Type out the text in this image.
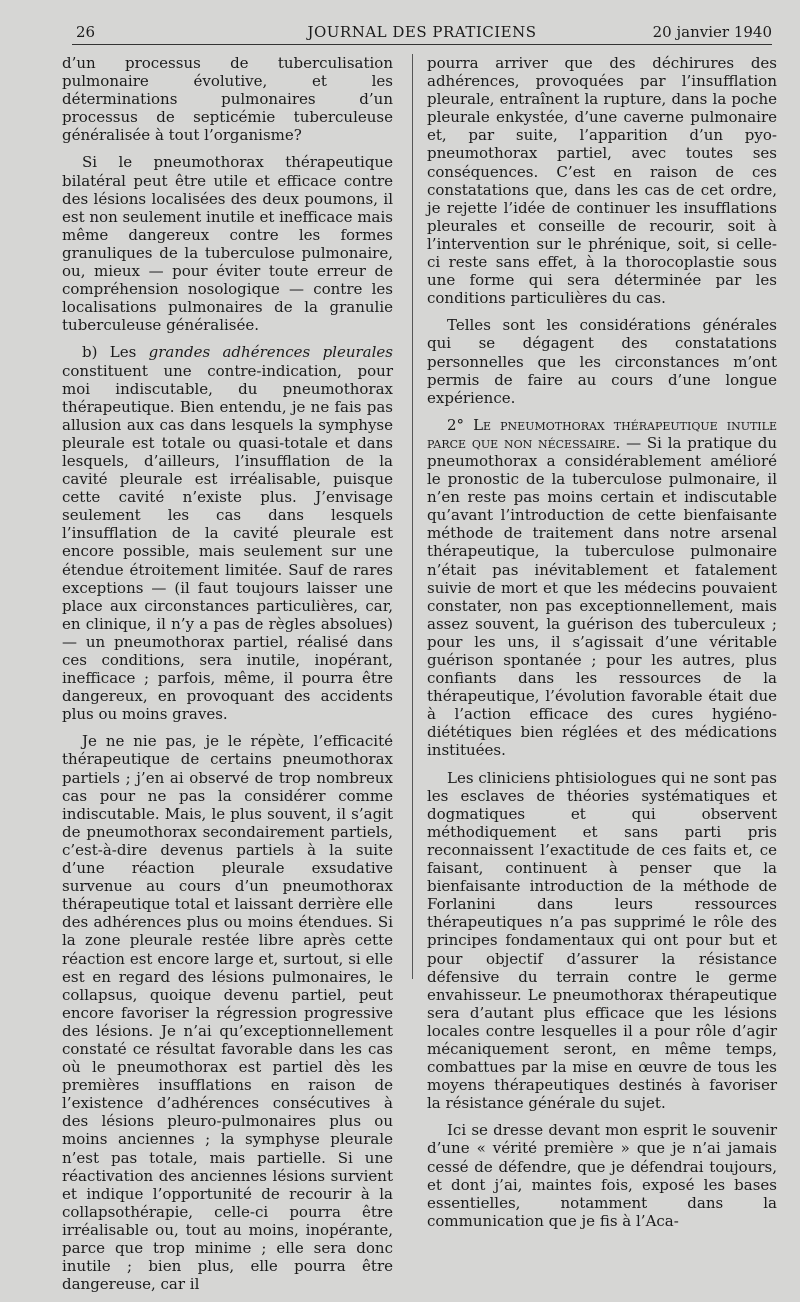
26	JOURNAL DES PRATICIENS	20 janvier 1940

d’un processus de tuberculisation pulmonaire évolutive, et les déterminations pulmonaires d’un processus de septicémie tuberculeuse généralisée à tout l’organisme?

Si le pneumothorax thérapeutique bilatéral peut être utile et efficace contre des lésions localisées des deux poumons, il est non seulement inutile et inefficace mais même dangereux contre les formes granuliques de la tuberculose pulmonaire, ou, mieux — pour éviter toute erreur de compréhension nosologique — contre les localisations pulmonaires de la granulie tuberculeuse généralisée.

b) Les grandes adhérences pleurales constituent une contre-indication, pour moi indiscutable, du pneumothorax thérapeutique. Bien entendu, je ne fais pas allusion aux cas dans lesquels la symphyse pleurale est totale ou quasi-totale et dans lesquels, d’ailleurs, l’insufflation de la cavité pleurale est irréalisable, puisque cette cavité n’existe plus. J’envisage seulement les cas dans lesquels l’insufflation de la cavité pleurale est encore possible, mais seulement sur une étendue étroitement limitée. Sauf de rares exceptions — (il faut toujours laisser une place aux circonstances particulières, car, en clinique, il n’y a pas de règles absolues) — un pneumothorax partiel, réalisé dans ces conditions, sera inutile, inopérant, inefficace ; parfois, même, il pourra être dangereux, en provoquant des accidents plus ou moins graves.

Je ne nie pas, je le répète, l’efficacité thérapeutique de certains pneumothorax partiels ; j’en ai observé de trop nombreux cas pour ne pas la considérer comme indiscutable. Mais, le plus souvent, il s’agit de pneumothorax secondairement partiels, c’est-à-dire devenus partiels à la suite d’une réaction pleurale exsudative survenue au cours d’un pneumothorax thérapeutique total et laissant derrière elle des adhérences plus ou moins étendues. Si la zone pleurale restée libre après cette réaction est encore large et, surtout, si elle est en regard des lésions pulmonaires, le collapsus, quoique devenu partiel, peut encore favoriser la régression progressive des lésions. Je n’ai qu’exceptionnellement constaté ce résultat favorable dans les cas où le pneumothorax est partiel dès les premières insufflations en raison de l’existence d’adhérences consécutives à des lésions pleuro-pulmonaires plus ou moins anciennes ; la symphyse pleurale n’est pas totale, mais partielle. Si une réactivation des anciennes lésions survient et indique l’opportunité de recourir à la collapsothérapie, celle-ci pourra être irréalisable ou, tout au moins, inopérante, parce que trop minime ; elle sera donc inutile ; bien plus, elle pourra être dangereuse, car il

pourra arriver que des déchirures des adhérences, provoquées par l’insufflation pleurale, entraînent la rupture, dans la poche pleurale enkystée, d’une caverne pulmonaire et, par suite, l’apparition d’un pyo-pneumothorax partiel, avec toutes ses conséquences. C’est en raison de ces constatations que, dans les cas de cet ordre, je rejette l’idée de continuer les insufflations pleurales et conseille de recourir, soit à l’intervention sur le phrénique, soit, si celle-ci reste sans effet, à la thorocoplastie sous une forme qui sera déterminée par les conditions particulières du cas.

Telles sont les considérations générales qui se dégagent des constatations personnelles que les circonstances m’ont permis de faire au cours d’une longue expérience.

2° Le pneumothorax thérapeutique inutile parce que non nécessaire. — Si la pratique du pneumothorax a considérablement amélioré le pronostic de la tuberculose pulmonaire, il n’en reste pas moins certain et indiscutable qu’avant l’introduction de cette bienfaisante méthode de traitement dans notre arsenal thérapeutique, la tuberculose pulmonaire n’était pas inévitablement et fatalement suivie de mort et que les médecins pouvaient constater, non pas exceptionnellement, mais assez souvent, la guérison des tuberculeux ; pour les uns, il s’agissait d’une véritable guérison spontanée ; pour les autres, plus confiants dans les ressources de la thérapeutique, l’évolution favorable était due à l’action efficace des cures hygiéno-diététiques bien réglées et des médications instituées.

Les cliniciens phtisiologues qui ne sont pas les esclaves de théories systématiques et dogmatiques et qui observent méthodiquement et sans parti pris reconnaissent l’exactitude de ces faits et, ce faisant, continuent à penser que la bienfaisante introduction de la méthode de Forlanini dans leurs ressources thérapeutiques n’a pas supprimé le rôle des principes fondamentaux qui ont pour but et pour objectif d’assurer la résistance défensive du terrain contre le germe envahisseur. Le pneumothorax thérapeutique sera d’autant plus efficace que les lésions locales contre lesquelles il a pour rôle d’agir mécaniquement seront, en même temps, combattues par la mise en œuvre de tous les moyens thérapeutiques destinés à favoriser la résistance générale du sujet.

Ici se dresse devant mon esprit le souvenir d’une « vérité première » que je n’ai jamais cessé de défendre, que je défendrai toujours, et dont j’ai, maintes fois, exposé les bases essentielles, notamment dans la communication que je fis à l’Aca-
